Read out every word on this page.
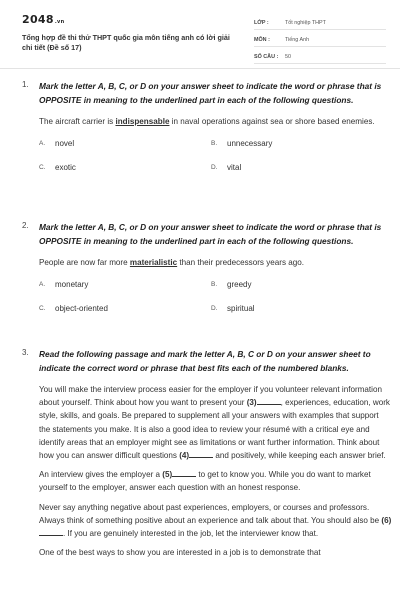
2048.vn
Tổng hợp đề thi thử THPT quốc gia môn tiếng anh có lời giải chi tiết (Đề số 17)
LỚP :	Tốt nghiệp THPT
MÔN :	Tiếng Anh
SỐ CÂU :	50
1. Mark the letter A, B, C, or D on your answer sheet to indicate the word or phrase that is OPPOSITE in meaning to the underlined part in each of the following questions.
The aircraft carrier is indispensable in naval operations against sea or shore based enemies.
A.	novel	B.	unnecessary
C.	exotic	D.	vital
2. Mark the letter A, B, C, or D on your answer sheet to indicate the word or phrase that is OPPOSITE in meaning to the underlined part in each of the following questions.
People are now far more materialistic than their predecessors years ago.
A.	monetary	B.	greedy
C.	object-oriented	D.	spiritual
3. Read the following passage and mark the letter A, B, C or D on your answer sheet to indicate the correct word or phrase that best fits each of the numbered blanks.

You will make the interview process easier for the employer if you volunteer relevant information about yourself. Think about how you want to present your (3)	, experiences, education, work style, skills, and goals. Be prepared to supplement all your answers with examples that support the statements you make. It is also a good idea to review your résumé with a critical eye and identify areas that an employer might see as limitations or want further information. Think about how you can answer difficult questions (4)	and positively, while keeping each answer brief.

An interview gives the employer a (5)	to get to know you. While you do want to market yourself to the employer, answer each question with an honest response.

Never say anything negative about past experiences, employers, or courses and professors. Always think of something positive about an experience and talk about that. You should also be (6). If you are genuinely interested in the job, let the interviewer know that.

One of the best ways to show you are interested in a job is to demonstrate that
